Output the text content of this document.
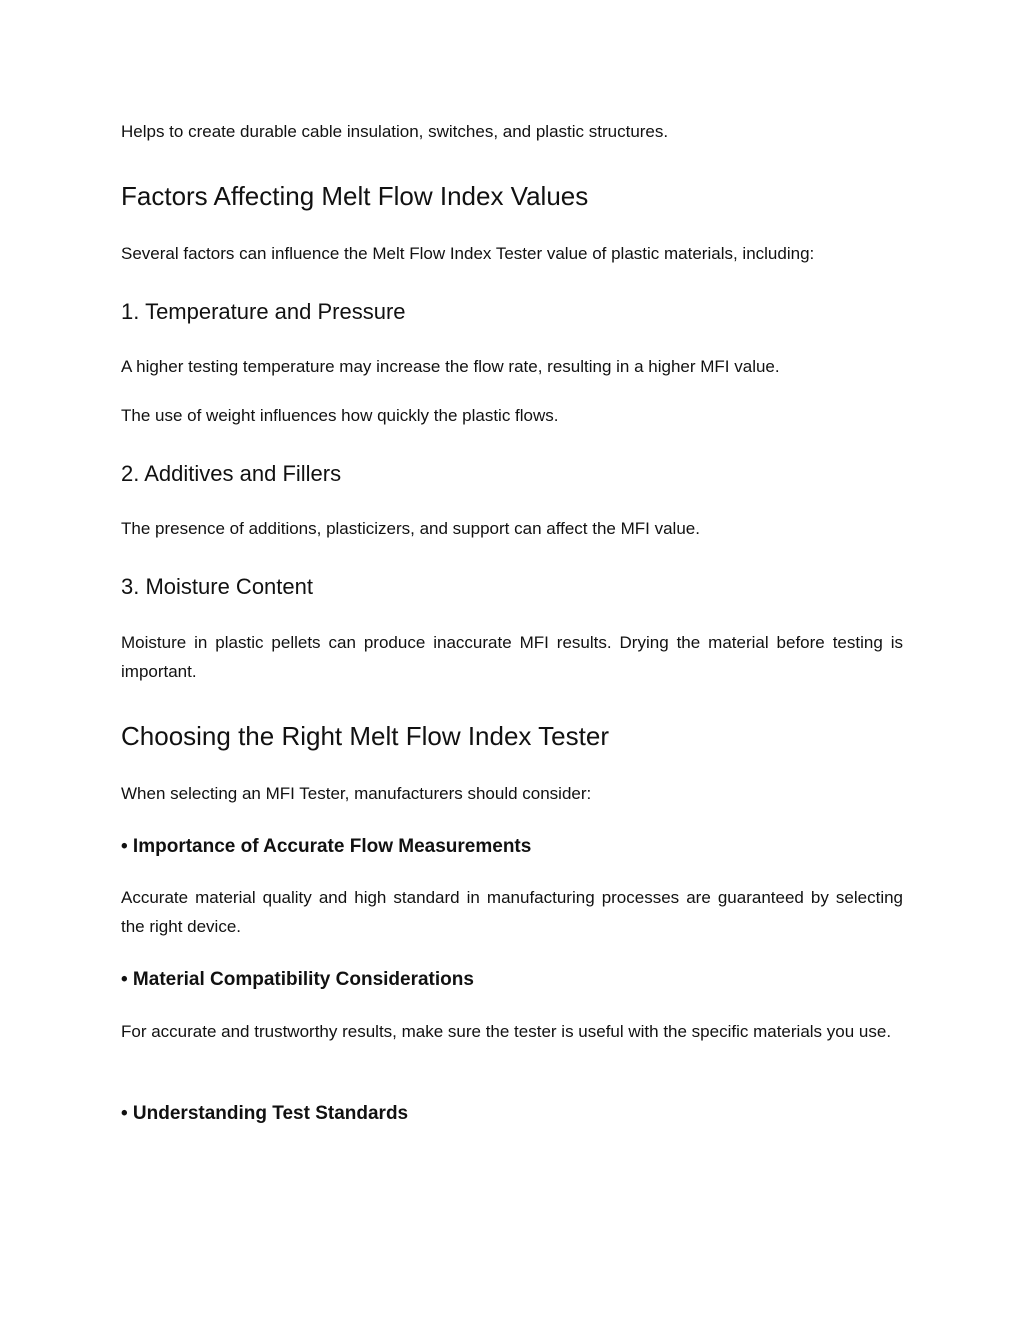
Helps to create durable cable insulation, switches, and plastic structures.

Factors Affecting Melt Flow Index Values

Several factors can influence the Melt Flow Index Tester value of plastic materials, including:

1. Temperature and Pressure

A higher testing temperature may increase the flow rate, resulting in a higher MFI value.

The use of weight influences how quickly the plastic flows.

2. Additives and Fillers

The presence of additions, plasticizers, and support can affect the MFI value.

3. Moisture Content

Moisture in plastic pellets can produce inaccurate MFI results. Drying the material before testing is important.

Choosing the Right Melt Flow Index Tester

When selecting an MFI Tester, manufacturers should consider:

• Importance of Accurate Flow Measurements

Accurate material quality and high standard in manufacturing processes are guaranteed by selecting the right device.

• Material Compatibility Considerations

For accurate and trustworthy results, make sure the tester is useful with the specific materials you use.

• Understanding Test Standards
